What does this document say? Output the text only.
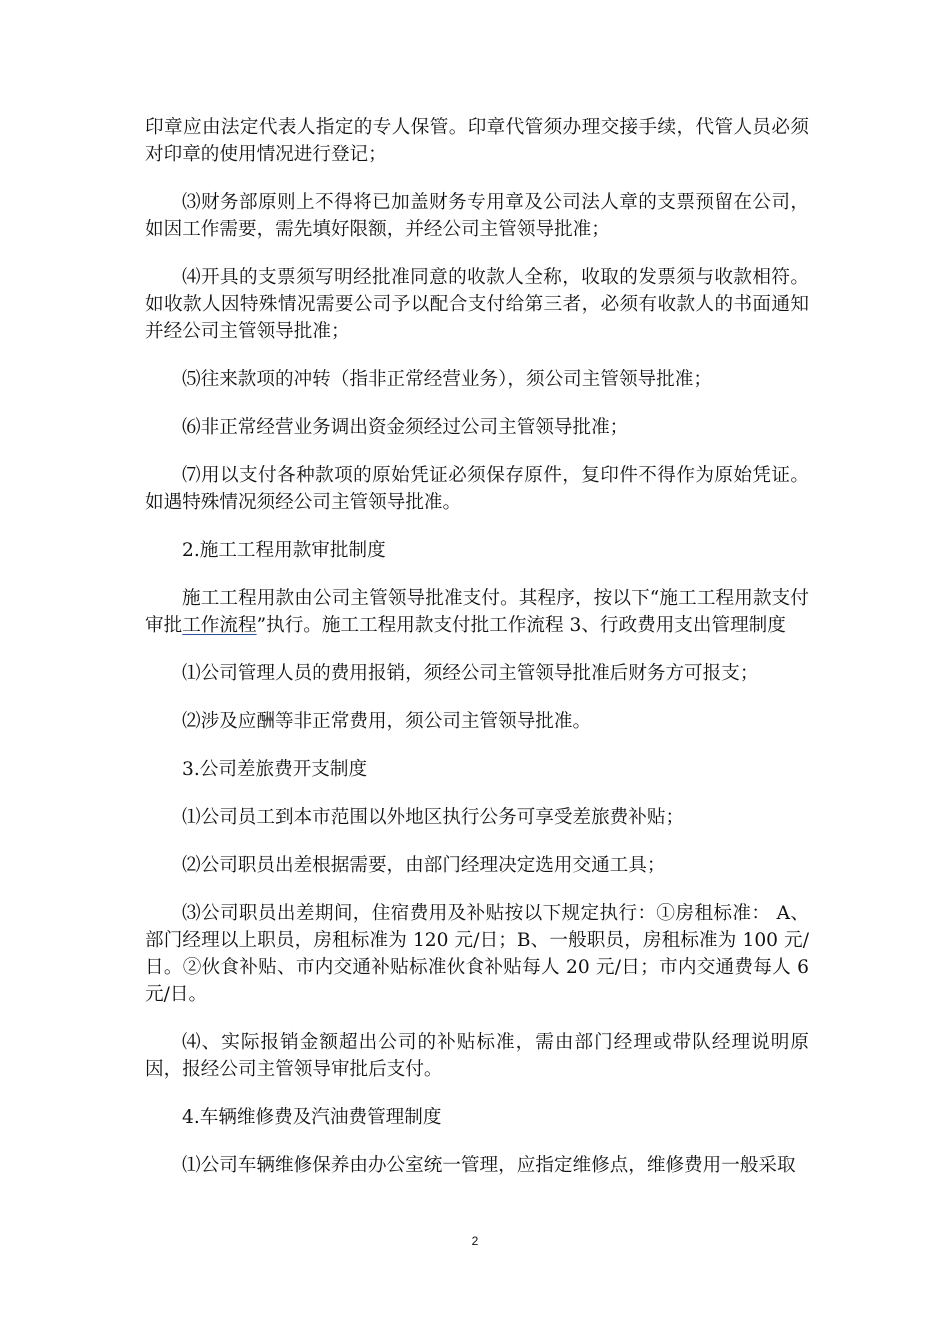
印章应由法定代表人指定的专人保管。印章代管须办理交接手续，代管人员必须对印章的使用情况进行登记；

⑶财务部原则上不得将已加盖财务专用章及公司法人章的支票预留在公司，如因工作需要，需先填好限额，并经公司主管领导批准；

⑷开具的支票须写明经批准同意的收款人全称，收取的发票须与收款相符。如收款人因特殊情况需要公司予以配合支付给第三者，必须有收款人的书面通知并经公司主管领导批准；

⑸往来款项的冲转（指非正常经营业务），须公司主管领导批准；

⑹非正常经营业务调出资金须经过公司主管领导批准；

⑺用以支付各种款项的原始凭证必须保存原件，复印件不得作为原始凭证。如遇特殊情况须经公司主管领导批准。

2.施工工程用款审批制度

施工工程用款由公司主管领导批准支付。其程序，按以下“施工工程用款支付审批工作流程”执行。施工工程用款支付批工作流程 3、行政费用支出管理制度

⑴公司管理人员的费用报销，须经公司主管领导批准后财务方可报支；

⑵涉及应酬等非正常费用，须公司主管领导批准。

3.公司差旅费开支制度

⑴公司员工到本市范围以外地区执行公务可享受差旅费补贴；

⑵公司职员出差根据需要，由部门经理决定选用交通工具；

⑶公司职员出差期间，住宿费用及补贴按以下规定执行：①房租标准： A、部门经理以上职员，房租标准为 120 元/日；B、一般职员，房租标准为 100 元/日。②伙食补贴、市内交通补贴标准伙食补贴每人 20 元/日；市内交通费每人 6 元/日。

⑷、实际报销金额超出公司的补贴标准，需由部门经理或带队经理说明原因，报经公司主管领导审批后支付。

4.车辆维修费及汽油费管理制度

⑴公司车辆维修保养由办公室统一管理，应指定维修点，维修费用一般采取

2
